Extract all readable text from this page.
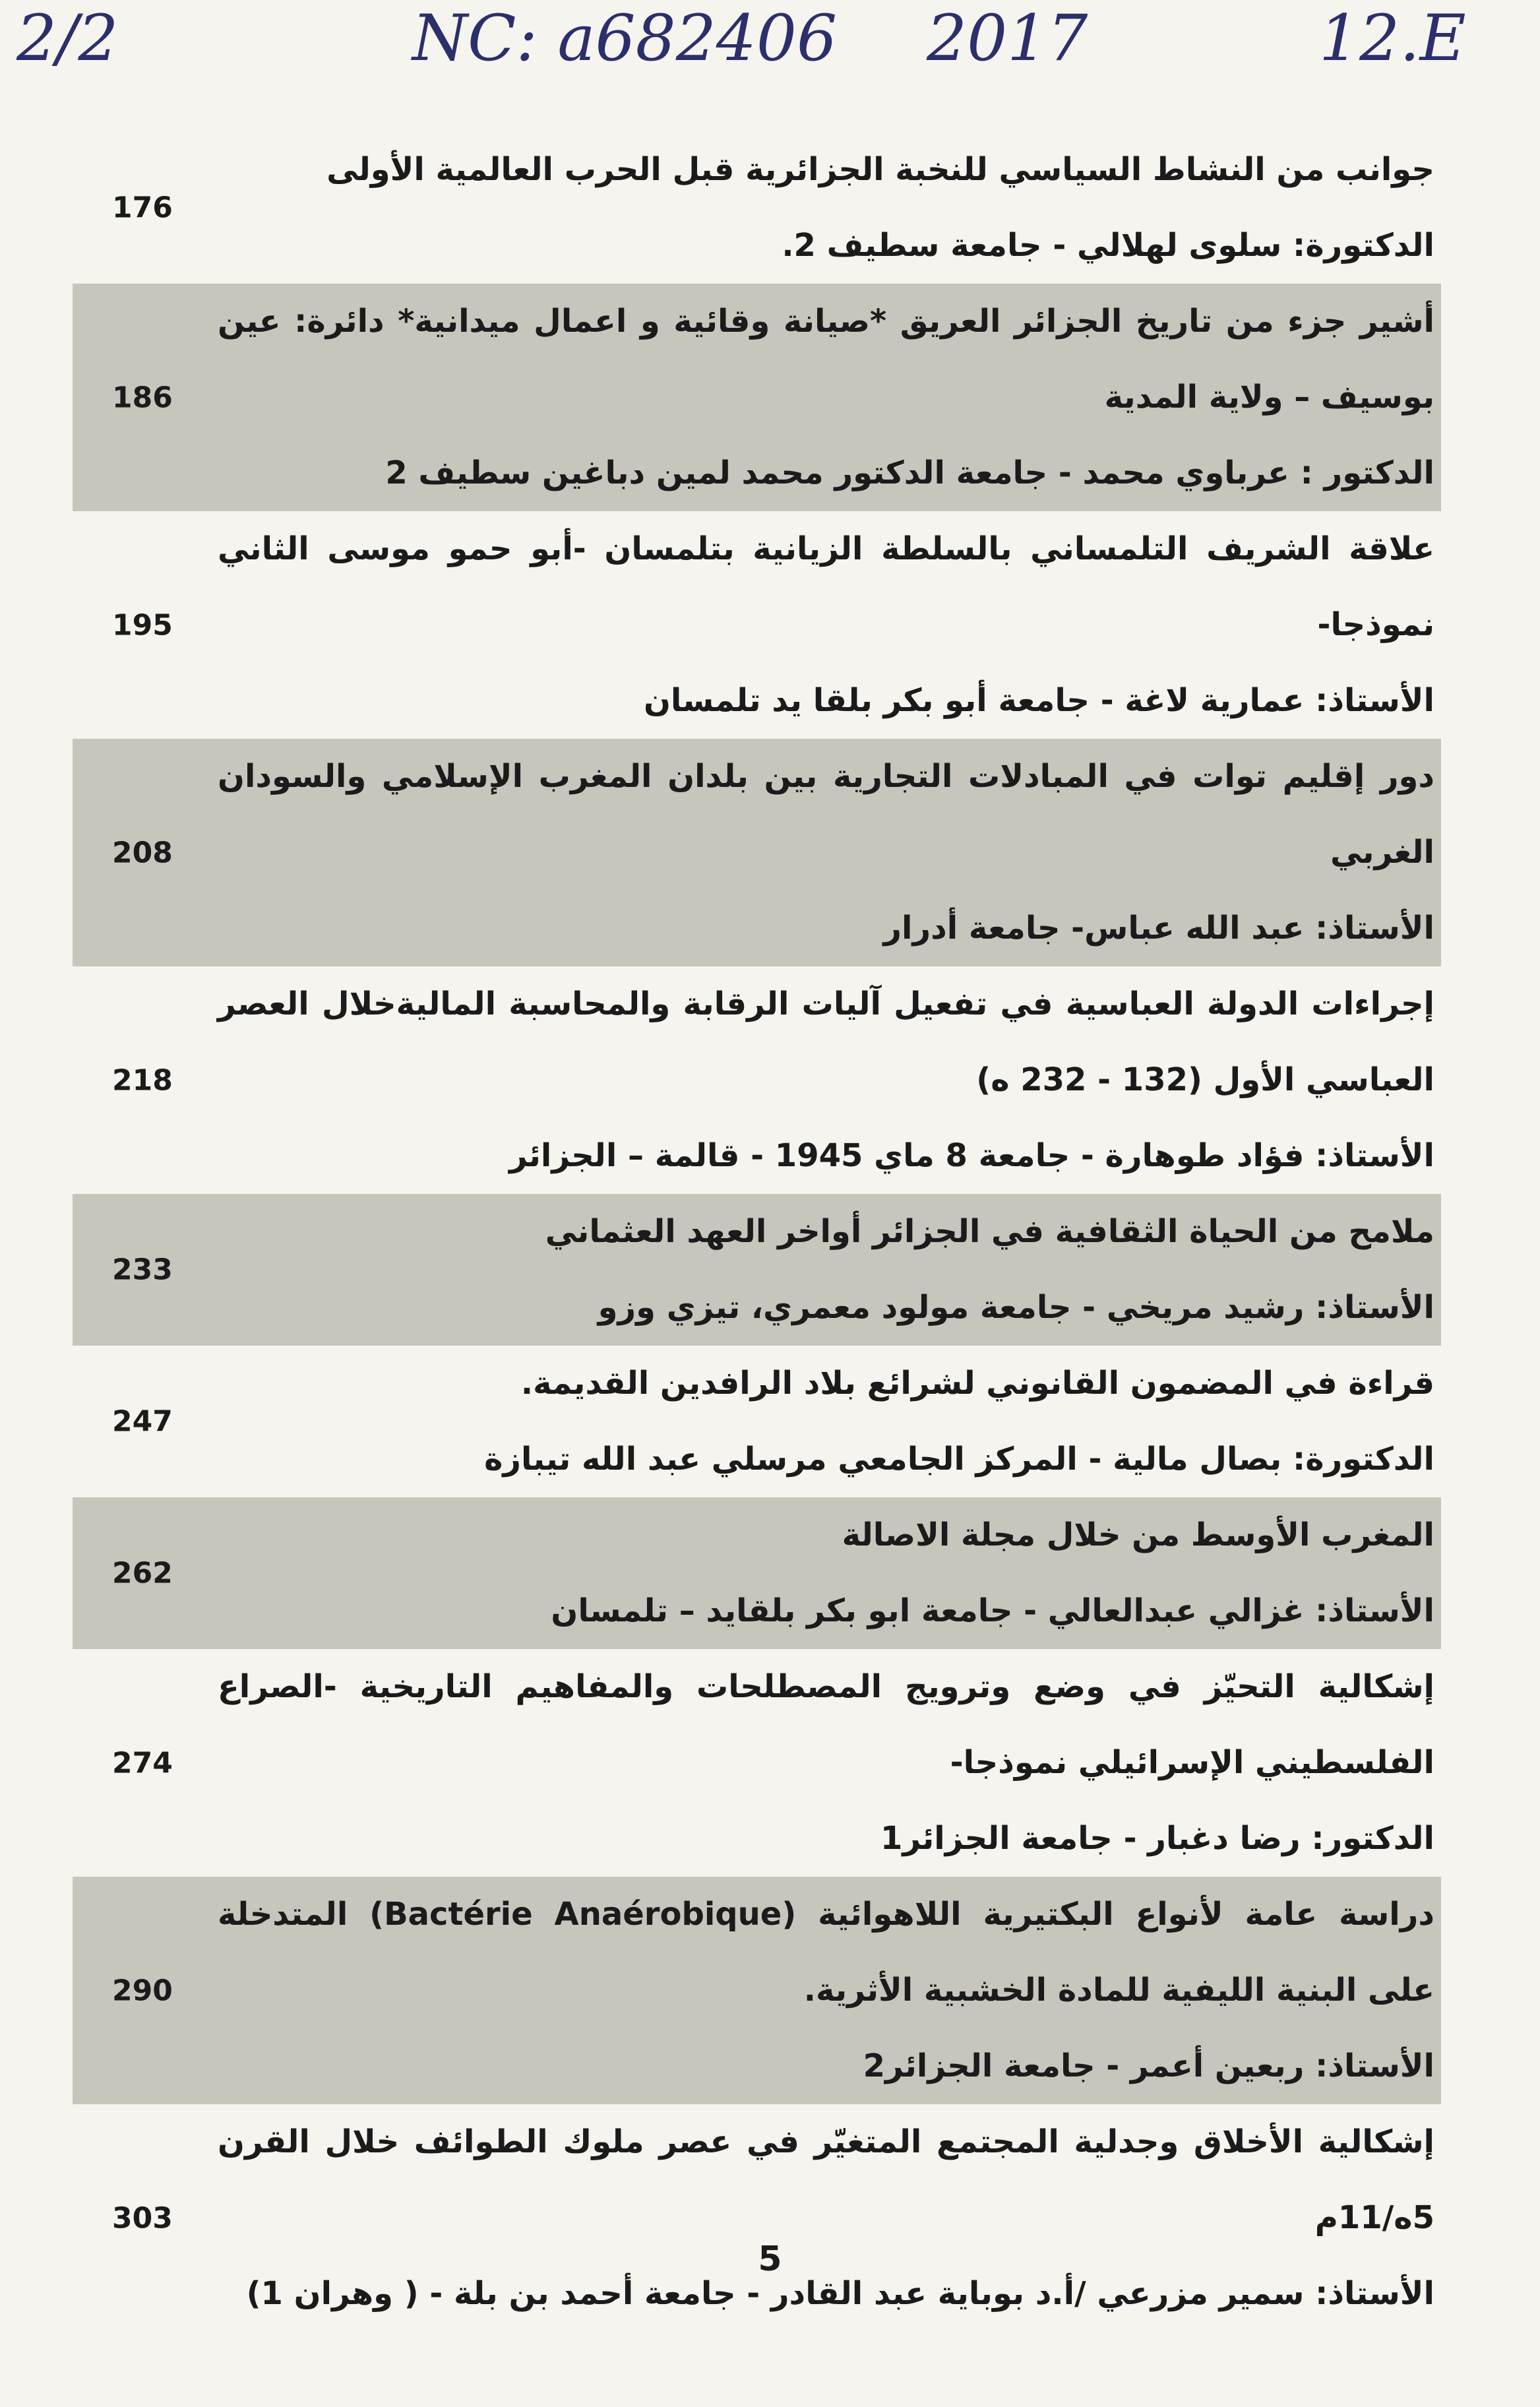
2/2	NC: a682406 2017	12.E
176
جوانب من النشاط السياسي للنخبة الجزائرية قبل الحرب العالمية الأولى
الدكتورة: سلوى لهلالي - جامعة سطيف 2.
186
أشير جزء من تاريخ الجزائر العريق *صيانة وقائية و اعمال ميدانية* دائرة: عين بوسيف – ولاية المدية
الدكتور : عرباوي محمد - جامعة الدكتور محمد لمين دباغين سطيف 2
195
علاقة الشريف التلمساني بالسلطة الزيانية بتلمسان -أبو حمو موسى الثاني نموذجا-
الأستاذ: عمارية لاغة - جامعة أبو بكر بلقا يد تلمسان
208
دور إقليم توات في المبادلات التجارية بين بلدان المغرب الإسلامي والسودان الغربي
الأستاذ: عبد الله عباس- جامعة أدرار
218
إجراءات الدولة العباسية في تفعيل آليات الرقابة والمحاسبة الماليةخلال العصر العباسي الأول (132 - 232 ه)
الأستاذ: فؤاد طوهارة - جامعة 8 ماي 1945 - قالمة – الجزائر
233
ملامح من الحياة الثقافية في الجزائر أواخر العهد العثماني
الأستاذ: رشيد مريخي - جامعة مولود معمري، تيزي وزو
247
قراءة في المضمون القانوني لشرائع بلاد الرافدين القديمة.
الدكتورة: بصال مالية - المركز الجامعي مرسلي عبد الله تيبازة
262
المغرب الأوسط من خلال مجلة الاصالة
الأستاذ: غزالي عبدالعالي - جامعة ابو بكر بلقايد – تلمسان
274
إشكالية التحيّز في وضع وترويج المصطلحات والمفاهيم التاريخية -الصراع الفلسطيني الإسرائيلي نموذجا-
الدكتور: رضا دغبار - جامعة الجزائر1
290
دراسة عامة لأنواع البكتيرية اللاهوائية (Bactérie Anaérobique) المتدخلة على البنية الليفية للمادة الخشبية الأثرية.
الأستاذ: ربعين أعمر - جامعة الجزائر2
303
إشكالية الأخلاق وجدلية المجتمع المتغيّر في عصر ملوك الطوائف خلال القرن 5ه/11م
الأستاذ: سمير مزرعي /أ.د بوباية عبد القادر - جامعة أحمد بن بلة - ( وهران 1)
5
